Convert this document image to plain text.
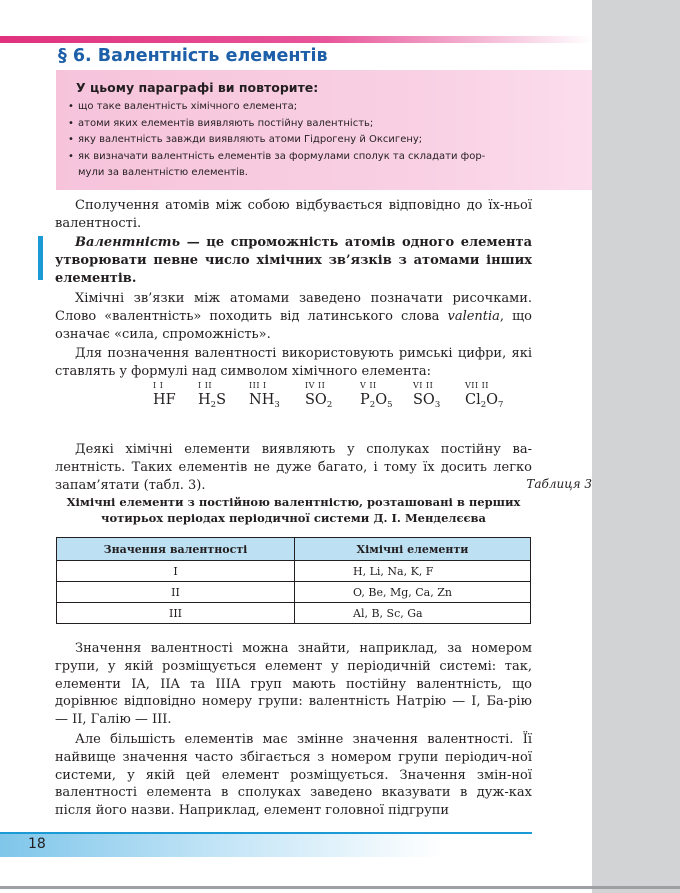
§ 6. Валентність елементів
У цьому параграфі ви повторите:
• що таке валентність хімічного елемента;
• атоми яких елементів виявляють постійну валентність;
• яку валентність завжди виявляють атоми Гідрогену й Оксигену;
• як визначати валентність елементів за формулами сполук та складати фор-
мули за валентністю елементів.

Сполучення атомів між собою відбувається відповідно до їх-ньої валентності.

Валентність — це спроможність атомів одного елемента утворювати певне число хімічних зв’язків з атомами інших елементів.

Хімічні зв’язки між атомами заведено позначати рисочками. Слово «валентність» походить від латинського слова valentia, що означає «сила, спроможність».

Для позначення валентності використовують римські цифри, які ставлять у формулі над символом хімічного елемента:

I I
HF
I II
$H_2S$
III I
$NH_3$
IV II
$SO_2$
V II
$P_2O_5$
VI II
$SO_3$
VII II
$Cl_2O_7$

Деякі хімічні елементи виявляють у сполуках постійну ва-лентність. Таких елементів не дуже багато, і тому їх досить легко запам’ятати (табл. 3).	Таблиця 3
Хімічні елементи з постійною валентністю, розташовані в перших чотирьох періодах періодичної системи Д. І. Менделєєва
Значення валентності	Хімічні елементи
I	H, Li, Na, K, F
II	O, Be, Mg, Ca, Zn
III	Al, B, Sc, Ga

Значення валентності можна знайти, наприклад, за номером групи, у якій розміщується елемент у періодичній системі: так, елементи IA, IIA та IIIA груп мають постійну валентність, що дорівнює відповідно номеру групи: валентність Натрію — I, Ба-рію — II, Галію — III.

Але більшість елементів має змінне значення валентності. Її найвище значення часто збігається з номером групи періодич-ної системи, у якій цей елемент розміщується. Значення змін-ної валентності елемента в сполуках заведено вказувати в дуж-ках після його назви. Наприклад, елемент головної підгрупи

18
